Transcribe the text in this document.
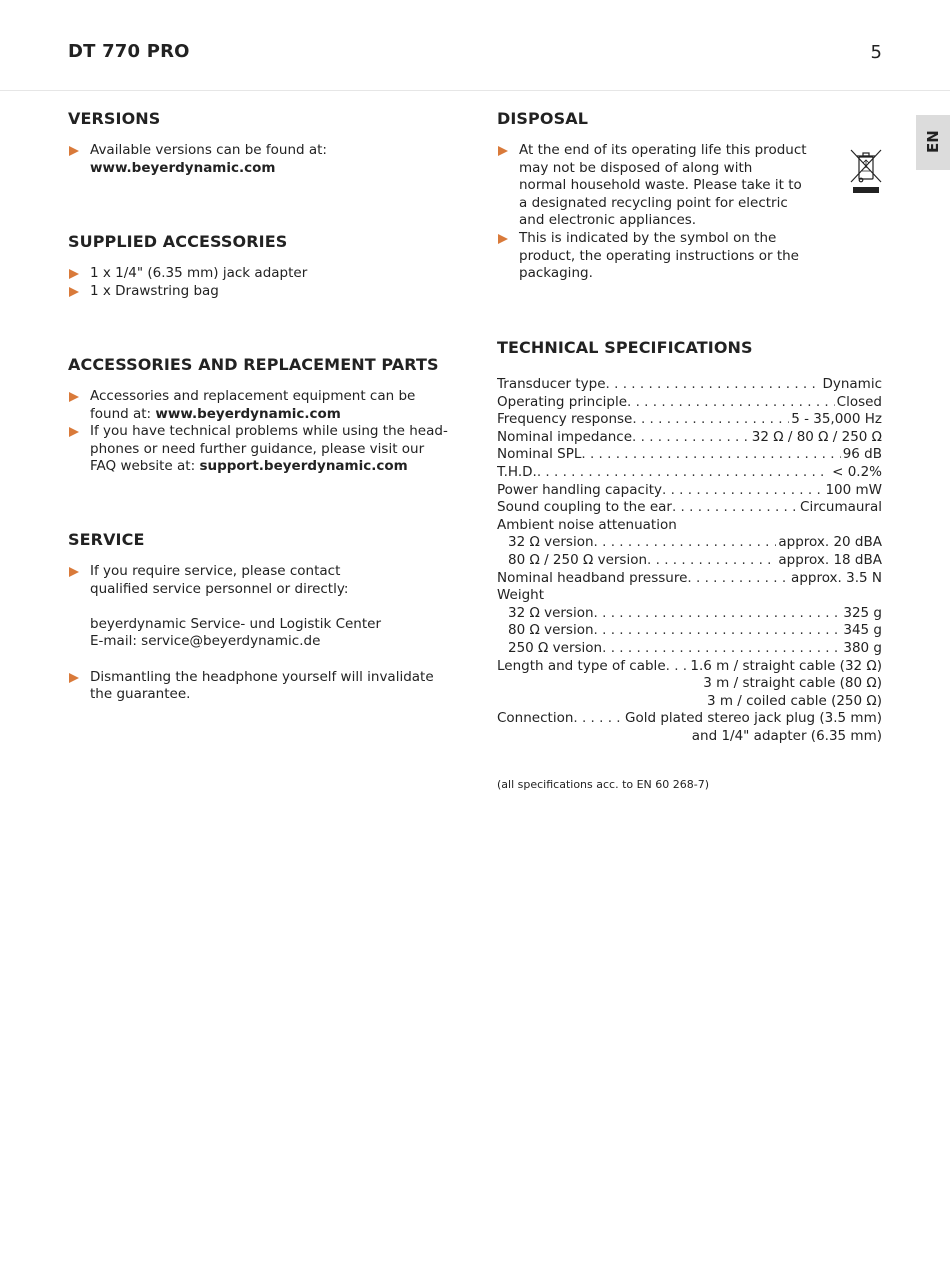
DT 770 PRO	5
EN
VERSIONS
Available versions can be found at:
www.beyerdynamic.com
SUPPLIED ACCESSORIES
1 x 1/4" (6.35 mm) jack adapter
1 x Drawstring bag
ACCESSORIES AND REPLACEMENT PARTS
Accessories and replacement equipment can be
found at: www.beyerdynamic.com
If you have technical problems while using the head-
phones or need further guidance, please visit our
FAQ website at: support.beyerdynamic.com
SERVICE
If you require service, please contact
qualified service personnel or directly:
beyerdynamic Service- und Logistik Center
E-mail: service@beyerdynamic.de
Dismantling the headphone yourself will invalidate
the guarantee.
DISPOSAL
At the end of its operating life this product
may not be disposed of along with
normal household waste. Please take it to
a designated recycling point for electric
and electronic appliances.
This is indicated by the symbol on the
product, the operating instructions or the
packaging.
TECHNICAL SPECIFICATIONS
Transducer type . . .	Dynamic
Operating principle . . .	Closed
Frequency response . . .	5 - 35,000 Hz
Nominal impedance . . .	32 Ω / 80 Ω / 250 Ω
Nominal SPL . . .	96 dB
T.H.D. . . .	< 0.2%
Power handling capacity . . .	100 mW
Sound coupling to the ear . . .	Circumaural
Ambient noise attenuation
32 Ω version . . .	approx. 20 dBA
80 Ω / 250 Ω version . . .	approx. 18 dBA
Nominal headband pressure . . .	approx. 3.5 N
Weight
32 Ω version . . .	325 g
80 Ω version . . .	345 g
250 Ω version . . .	380 g
Length and type of cable . . . 1.6 m / straight cable (32 Ω)
3 m / straight cable (80 Ω)
3 m / coiled cable (250 Ω)
Connection . . .	Gold plated stereo jack plug (3.5 mm)
and 1/4" adapter (6.35 mm)
(all specifications acc. to EN 60 268-7)
